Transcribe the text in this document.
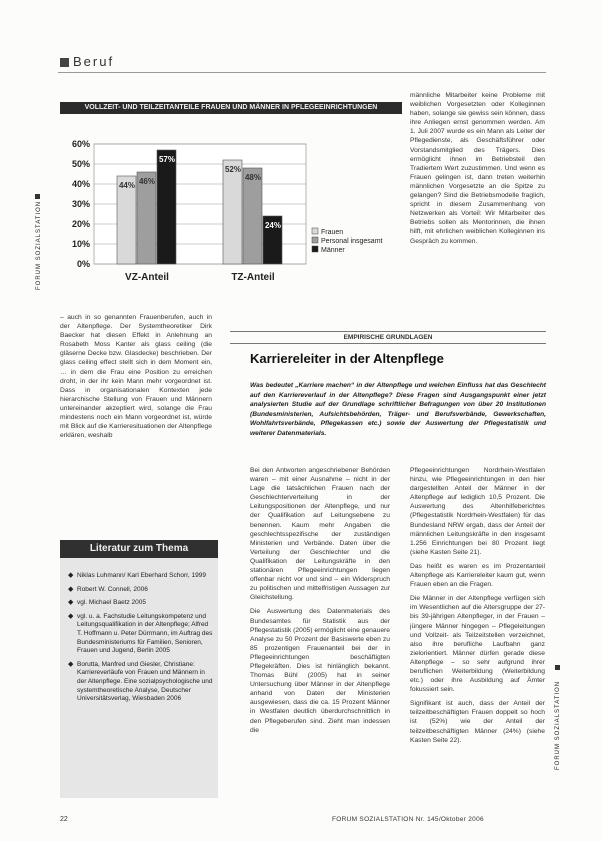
Beruf
VOLLZEIT- UND TEILZEITANTEILE FRAUEN UND MÄNNER IN PFLEGEEINRICHTUNGEN
0%
10%
20%
30%
40%
50%
60%
44% 46%
57%
VZ-Anteil
52%
48%
24%
TZ-Anteil
Frauen
Personal insgesamt
Männer
FORUM SOZIALSTATION
FORUM SOZIALSTATION
männliche Mitarbeiter keine Probleme mit weiblichen Vorgesetzten oder Kolleginnen haben, solange sie gewiss sein können, dass ihre Anliegen ernst genommen werden. Am 1. Juli 2007 wurde es ein Mann als Leiter der Pflegedienste, als Geschäftsführer oder Vorstandsmitglied des Trägers. Dies ermöglicht ihnen im Betriebsteil den Tradiertem Wert zuzustimmen. Und wenn es Frauen gelingen ist, dann treten weiterhin männlichen Vorgesetzte an die Spitze zu gelangen? Sind die Betriebsmodelle fraglich, spricht in diesem Zusammenhang von Netzwerken als Vorteil: Wir Mitarbeiter des Betriebs sollen als Mentorinnen, die ihnen hilft, mit ehrlichen weiblichen Kolleginnen ins Gespräch zu kommen.
– auch in so genannten Frauenberufen, auch in der Altenpflege. Der Systemtheoretiker Dirk Baecker hat diesen Effekt in Anlehnung an Rosabeth Moss Kanter als glass ceiling (die gläserne Decke bzw. Glasdecke) beschrieben. Der glass ceiling effect stellt sich in dem Moment ein, … in dem die Frau eine Position zu erreichen droht, in der ihr kein Mann mehr vorgeordnet ist. Dass in organisationalen Kontexten jede hierarchische Stellung von Frauen und Männern untereinander akzeptiert wird, solange die Frau mindestens noch ein Mann vorgeordnet ist, würde mit Blick auf die Karrieresituationen der Altenpflege erklären, weshalb
EMPIRISCHE GRUNDLAGEN
Karriereleiter in der Altenpflege
Was bedeutet „Karriere machen“ in der Altenpflege und welchen Einfluss hat das Geschlecht auf den Karriereverlauf in der Altenpflege? Diese Fragen sind Ausgangspunkt einer jetzt analysierten Studie auf der Grundlage schriftlicher Befragungen von über 20 Institutionen (Bundesministerien, Aufsichtsbehörden, Träger- und Berufsverbände, Gewerkschaften, Wohlfahrtsverbände, Pflegekassen etc.) sowie der Auswertung der Pflegestatistik und weiterer Datenmaterials.

Bei den Antworten angeschriebener Behörden waren – mit einer Ausnahme – nicht in der Lage die tatsächlichen Frauen nach der Geschlechterverteilung in der Leitungspositionen der Altenpflege, und nur der Qualifikation auf Leitungsebene zu benennen. Kaum mehr Angaben die geschlechtsspezifische der zuständigen Ministerien und Verbände. Daten über die Verteilung der Geschlechter und die Qualifikation der Leitungskräfte in den stationären Pflegeeinrichtungen liegen offenbar nicht vor und sind – ein Widerspruch zu politischen und mittelfristigen Aussagen zur Gleichstellung.

Die Auswertung des Datenmaterials des Bundesamtes für Statistik aus der Pflegestatistik (2005) ermöglicht eine genauere Analyse zu 50 Prozent der Basiswerte eben zu 85 prozentigen Frauenanteil bei der in Pflegeeinrichtungen beschäftigten Pflegekräften. Dies ist hinlänglich bekannt. Thomas Bühl (2005) hat in seiner Untersuchung über Männer in der Altenpflege anhand von Daten der Ministerien ausgewiesen, dass die ca. 15 Prozent Männer in Westfalen deutlich überdurchschnittlich in den Pflegeberufen sind. Zieht man indessen die

Pflegeeinrichtungen Nordrhein-Westfalen hinzu, wie Pflegeeinrichtungen in den hier dargestellten Anteil der Männer in der Altenpflege auf lediglich 10,5 Prozent. Die Auswertung des Altenhilfeberichtes (Pflegestatistik Nordrhein-Westfalen) für das Bundesland NRW ergab, dass der Anteil der männlichen Leitungskräfte in den insgesamt 1.256 Einrichtungen bei 80 Prozent liegt (siehe Kasten Seite 21).

Das heißt es waren es im Prozentanteil Altenpflege als Karriereleiter kaum gut, wenn Frauen eben an die Fragen.

Die Männer in der Altenpflege verfügen sich im Wesentlichen auf die Altersgruppe der 27- bis 39-jährigen Altenpfleger, in der Frauen – jüngere Männer hingegen – Pflegeleitungen und Vollzeit- als Teilzeitstellen verzeichnet, also ihre berufliche Laufbahn ganz zielorientiert. Männer dürfen gerade diese Altenpflege – so sehr aufgrund ihrer beruflichen Weiterbildung (Weiterbildung etc.) oder ihre Ausbildung auf Ämter fokussiert sein.

Signifikant ist auch, dass der Anteil der teilzeitbeschäftigten Frauen doppelt so hoch ist (52%) wie der Anteil der teilzeitbeschäftigten Männer (24%) (siehe Kasten Seite 22).

Literatur zum Thema
◆ Niklas Luhmann/ Karl Eberhard Schorr, 1999
◆ Robert W. Connell, 2006
◆ vgl. Michael Baetz 2005
◆ vgl. u. a. Fachstudie Leitungskompetenz und Leitungsqualifikation in der Altenpflege; Alfred T. Hoffmann u. Peter Dürrmann, im Auftrag des Bundesministeriums für Familien, Senioren, Frauen und Jugend, Berlin 2005
◆ Borutta, Manfred und Giesler, Christiane: Karriereverläufe von Frauen und Männern in der Altenpflege. Eine sozialpsychologische und systemtheoretische Analyse, Deutscher Universitätsverlag, Wiesbaden 2006
22	FORUM SOZIALSTATION Nr. 145/Oktober 2006
